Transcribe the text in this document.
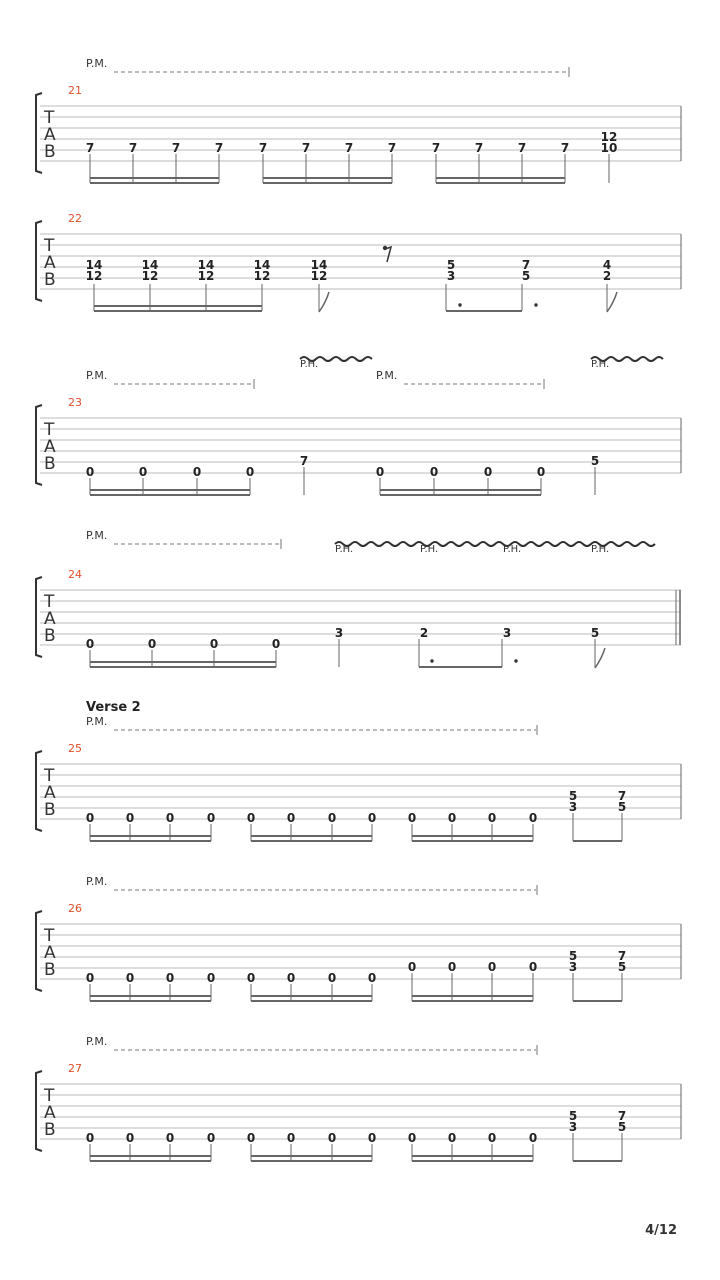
P.M.
21
T
A
B	7	7	7	7	7	7	7	7	7	7	7	7
12
10
22
T
A
B
14
12
14
12
14
12
14
12
14
12
5
3
7
5
4
2
P.H.	P.H.
P.M.	P.M.
23
T
A
B	0	0	0	0
7
0	0	0	0
5
P.M.
P.H.	P.H.	P.H.	P.H.
24
T
A
B	0	0	0	0
3	2	3	5
Verse 2
P.M.
25
T
A
B	0	0	0	0	0	0	0	0	0	0	0	0
5
3
7
5
P.M.
26
T
A
B	0	0	0	0	0	0	0	0
0	0	0	0
5
3
7
5
P.M.
27
T
A
B	0	0	0	0	0	0	0	0	0	0	0	0
5
3
7
5
4/12
